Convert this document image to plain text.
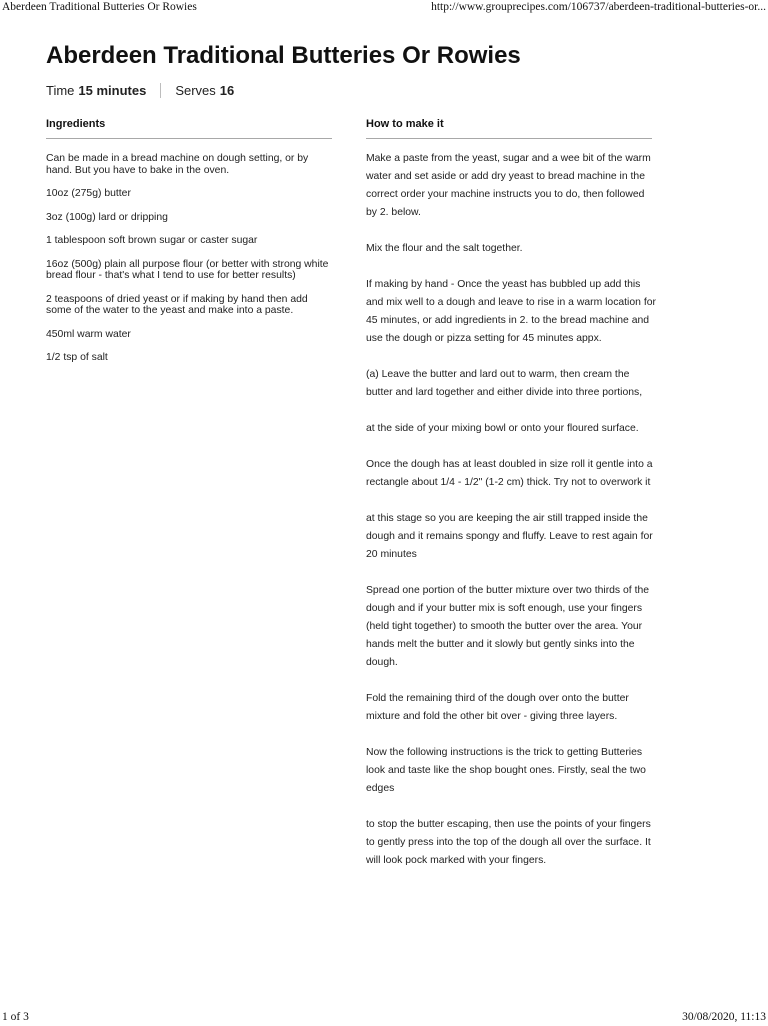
Aberdeen Traditional Butteries Or Rowies	http://www.grouprecipes.com/106737/aberdeen-traditional-butteries-or...
Aberdeen Traditional Butteries Or Rowies
Time 15 minutes Serves 16
Ingredients	How to make it
Can be made in a bread machine on dough setting, or by hand. But you have to bake in the oven.
10oz (275g) butter
3oz (100g) lard or dripping
1 tablespoon soft brown sugar or caster sugar
16oz (500g) plain all purpose flour (or better with strong white bread flour - that's what I tend to use for better results)
2 teaspoons of dried yeast or if making by hand then add some of the water to the yeast and make into a paste.
450ml warm water
1/2 tsp of salt
Make a paste from the yeast, sugar and a wee bit of the warm water and set aside or add dry yeast to bread machine in the correct order your machine instructs you to do, then followed by 2. below.
Mix the flour and the salt together.
If making by hand - Once the yeast has bubbled up add this and mix well to a dough and leave to rise in a warm location for 45 minutes, or add ingredients in 2. to the bread machine and use the dough or pizza setting for 45 minutes appx.
(a) Leave the butter and lard out to warm, then cream the butter and lard together and either divide into three portions,
at the side of your mixing bowl or onto your floured surface.
Once the dough has at least doubled in size roll it gentle into a rectangle about 1/4 - 1/2" (1-2 cm) thick. Try not to overwork it
at this stage so you are keeping the air still trapped inside the dough and it remains spongy and fluffy. Leave to rest again for 20 minutes
Spread one portion of the butter mixture over two thirds of the dough and if your butter mix is soft enough, use your fingers (held tight together) to smooth the butter over the area. Your hands melt the butter and it slowly but gently sinks into the dough.
Fold the remaining third of the dough over onto the butter mixture and fold the other bit over - giving three layers.
Now the following instructions is the trick to getting Butteries look and taste like the shop bought ones. Firstly, seal the two edges
to stop the butter escaping, then use the points of your fingers to gently press into the top of the dough all over the surface. It will look pock marked with your fingers.
1 of 3	30/08/2020, 11:13
